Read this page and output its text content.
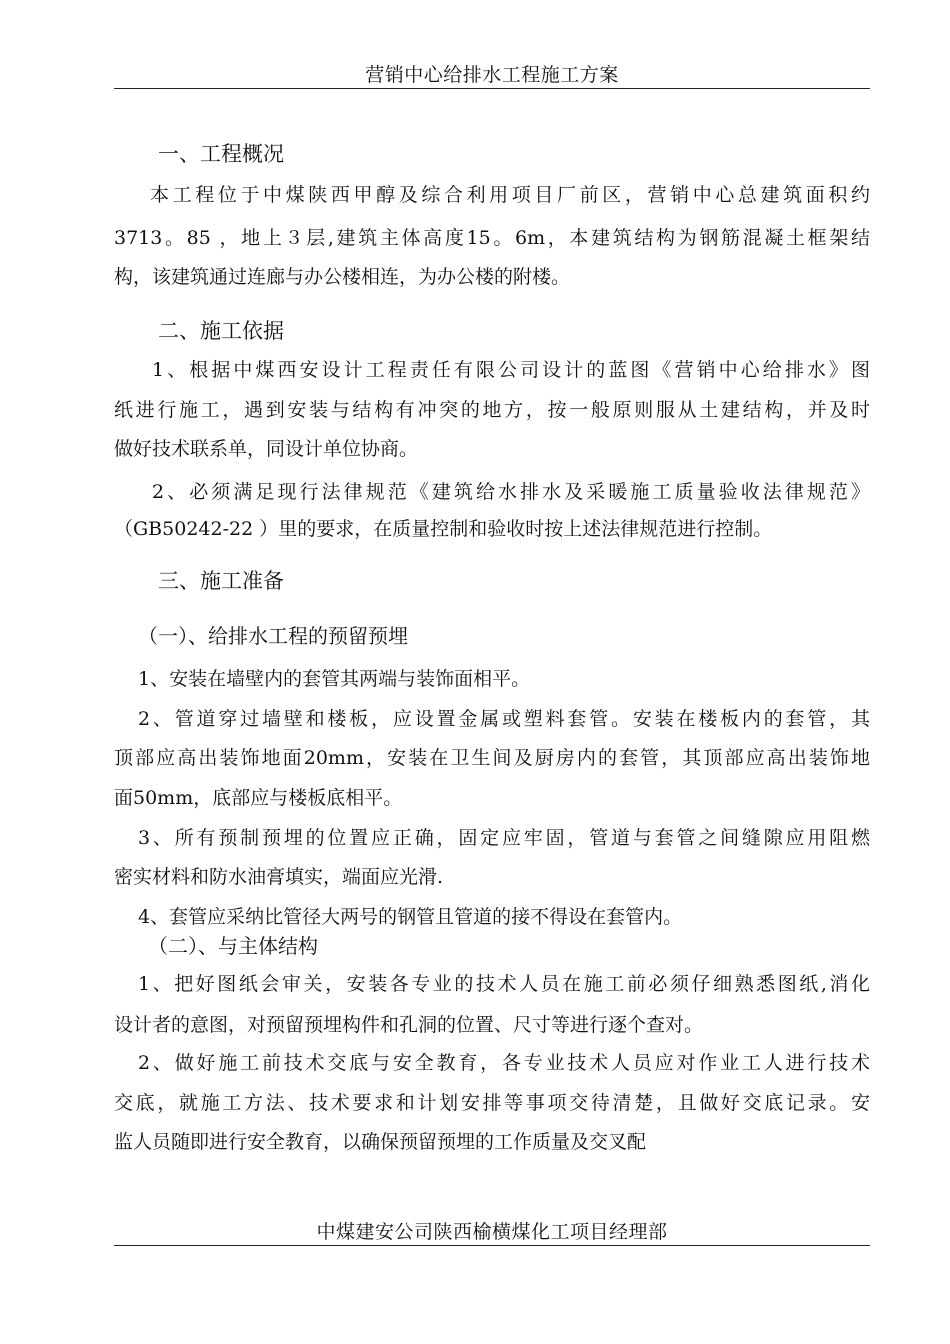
营销中心给排水工程施工方案
一、工程概况
本工程位于中煤陕西甲醇及综合利用项目厂前区，营销中心总建筑面积约
3713。85 ，地上３层,建筑主体高度15。6m，本建筑结构为钢筋混凝土框架结
构，该建筑通过连廊与办公楼相连，为办公楼的附楼。
二、施工依据
1、根据中煤西安设计工程责任有限公司设计的蓝图《营销中心给排水》图
纸进行施工，遇到安装与结构有冲突的地方，按一般原则服从土建结构，并及时
做好技术联系单，同设计单位协商。
2、必须满足现行法律规范《建筑给水排水及采暖施工质量验收法律规范》
（GB50242-22 ）里的要求，在质量控制和验收时按上述法律规范进行控制。
三、施工准备
（一）、给排水工程的预留预埋
1、安装在墙壁内的套管其两端与装饰面相平。
2、管道穿过墙壁和楼板，应设置金属或塑料套管。安装在楼板内的套管，其
顶部应高出装饰地面20mm，安装在卫生间及厨房内的套管，其顶部应高出装饰地
面50mm，底部应与楼板底相平。
3、所有预制预埋的位置应正确，固定应牢固，管道与套管之间缝隙应用阻燃
密实材料和防水油膏填实，端面应光滑.
4、套管应采纳比管径大两号的钢管且管道的接不得设在套管内。
（二）、与主体结构
1、把好图纸会审关，安装各专业的技术人员在施工前必须仔细熟悉图纸,消化
设计者的意图，对预留预埋构件和孔洞的位置、尺寸等进行逐个查对。
2、做好施工前技术交底与安全教育，各专业技术人员应对作业工人进行技术
交底，就施工方法、技术要求和计划安排等事项交待清楚，且做好交底记录。安
监人员随即进行安全教育，以确保预留预埋的工作质量及交叉配
中煤建安公司陕西榆横煤化工项目经理部
